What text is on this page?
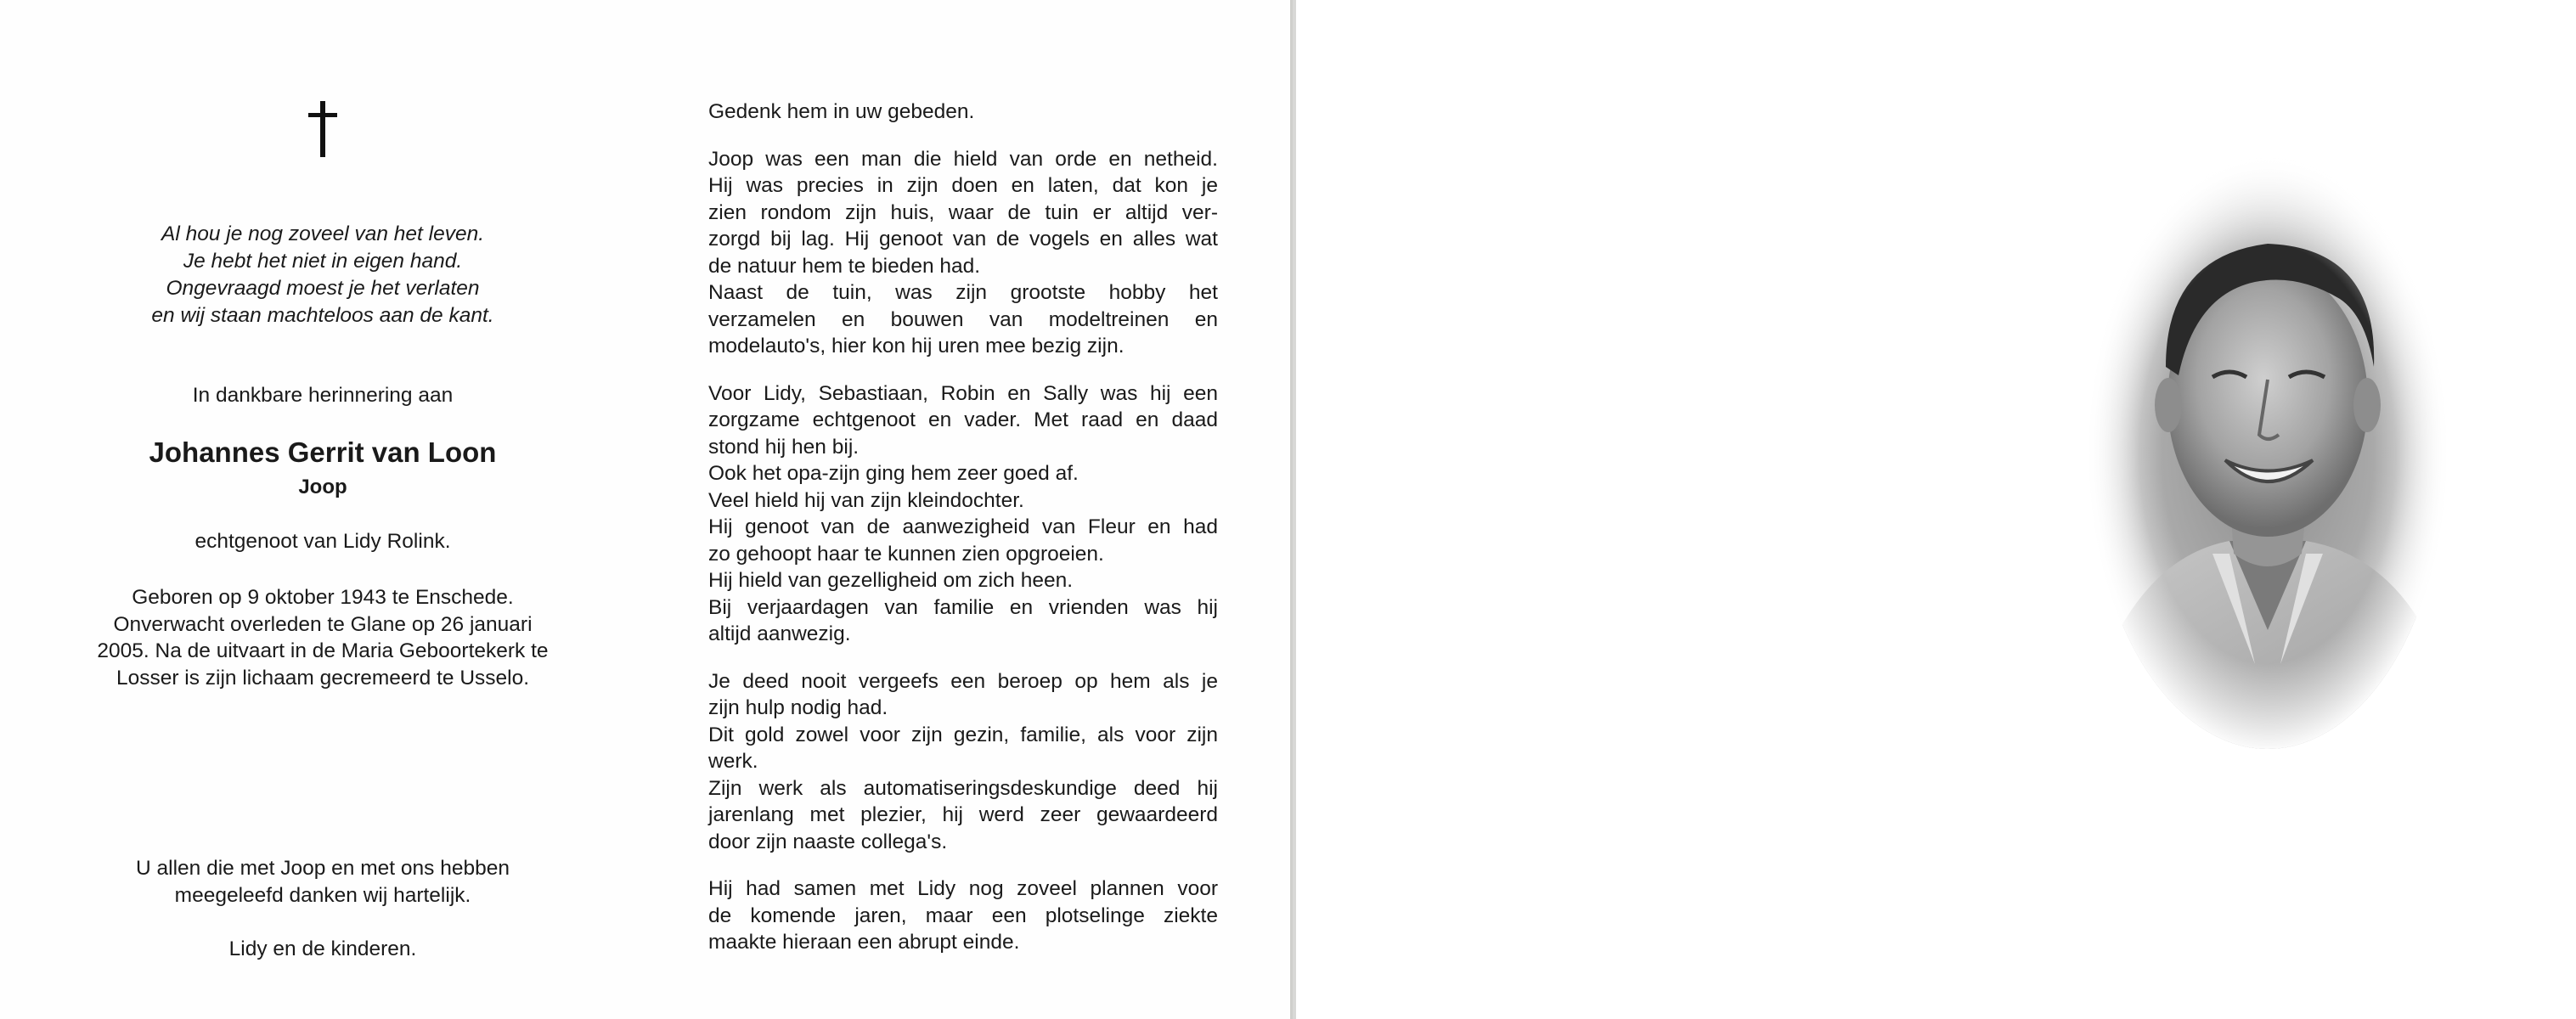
Al hou je nog zoveel van het leven.
Je hebt het niet in eigen hand.
Ongevraagd moest je het verlaten
en wij staan machteloos aan de kant.
In dankbare herinnering aan
Johannes Gerrit van Loon
Joop
echtgenoot van Lidy Rolink.
Geboren op 9 oktober 1943 te Enschede.
Onverwacht overleden te Glane op 26 januari
2005. Na de uitvaart in de Maria Geboortekerk te
Losser is zijn lichaam gecremeerd te Usselo.
U allen die met Joop en met ons hebben
meegeleefd danken wij hartelijk.
Lidy en de kinderen.
Gedenk hem in uw gebeden.
Joop was een man die hield van orde en netheid.
Hij was precies in zijn doen en laten, dat kon je
zien rondom zijn huis, waar de tuin er altijd ver-
zorgd bij lag. Hij genoot van de vogels en alles wat
de natuur hem te bieden had.
Naast de tuin, was zijn grootste hobby het
verzamelen en bouwen van modeltreinen en
modelauto's, hier kon hij uren mee bezig zijn.
Voor Lidy, Sebastiaan, Robin en Sally was hij een
zorgzame echtgenoot en vader. Met raad en daad
stond hij hen bij.
Ook het opa-zijn ging hem zeer goed af.
Veel hield hij van zijn kleindochter.
Hij genoot van de aanwezigheid van Fleur en had
zo gehoopt haar te kunnen zien opgroeien.
Hij hield van gezelligheid om zich heen.
Bij verjaardagen van familie en vrienden was hij
altijd aanwezig.
Je deed nooit vergeefs een beroep op hem als je
zijn hulp nodig had.
Dit gold zowel voor zijn gezin, familie, als voor zijn
werk.
Zijn werk als automatiseringsdeskundige deed hij
jarenlang met plezier, hij werd zeer gewaardeerd
door zijn naaste collega's.
Hij had samen met Lidy nog zoveel plannen voor
de komende jaren, maar een plotselinge ziekte
maakte hieraan een abrupt einde.
